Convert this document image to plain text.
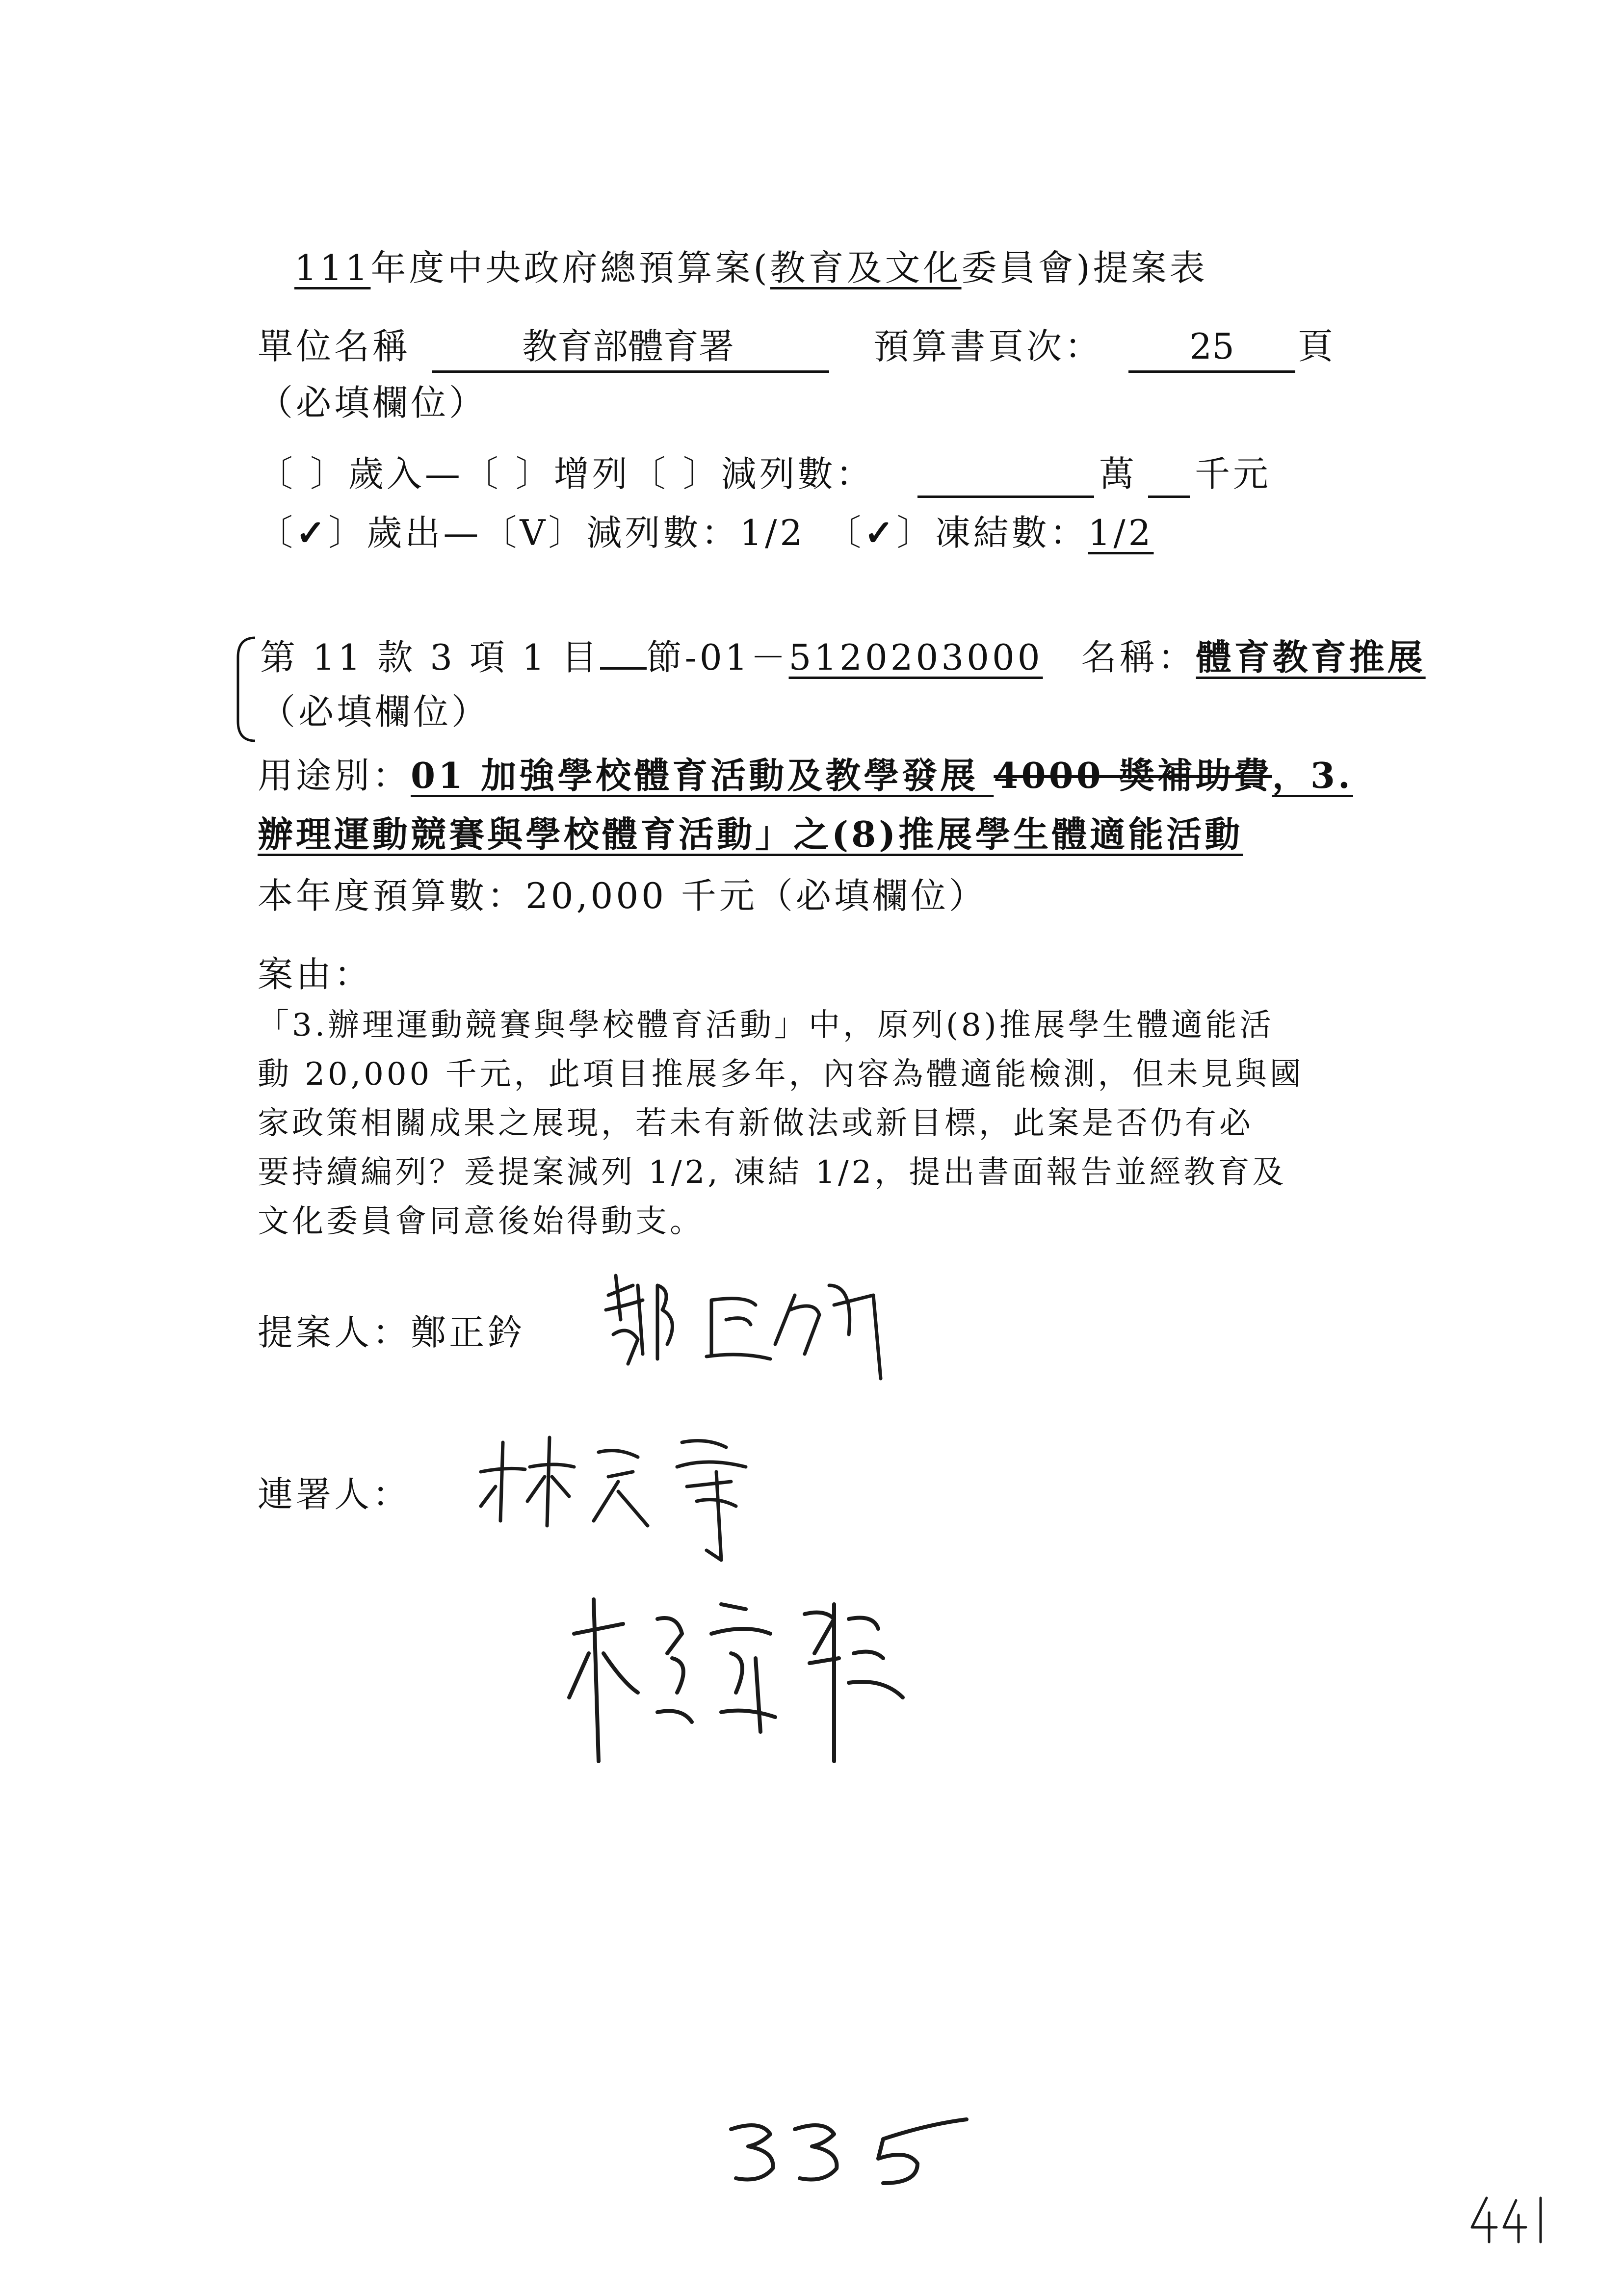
111年度中央政府總預算案(教育及文化委員會)提案表
單位名稱	教育部體育署	預算書頁次：	25	頁
（必填欄位）
〔 〕歲入—〔 〕增列〔 〕減列數：	萬 千元
〔✓〕歲出—〔V〕減列數：1/2　〔✓〕凍結數：1/2
第 11 款 3 項 1 目 節-01－5120203000　 名稱：體育教育推展
（必填欄位）
用途別：01 加強學校體育活動及教學發展 4000 獎補助費，3.
辦理運動競賽與學校體育活動」之(8)推展學生體適能活動
本年度預算數：20,000 千元（必填欄位）
案由：
「3.辦理運動競賽與學校體育活動」中，原列(8)推展學生體適能活
動 20,000 千元，此項目推展多年，內容為體適能檢測，但未見與國
家政策相關成果之展現，若未有新做法或新目標，此案是否仍有必
要持續編列？爰提案減列 1/2, 凍結 1/2，提出書面報告並經教育及
文化委員會同意後始得動支。
提案人：鄭正鈐
連署人：
335
441
